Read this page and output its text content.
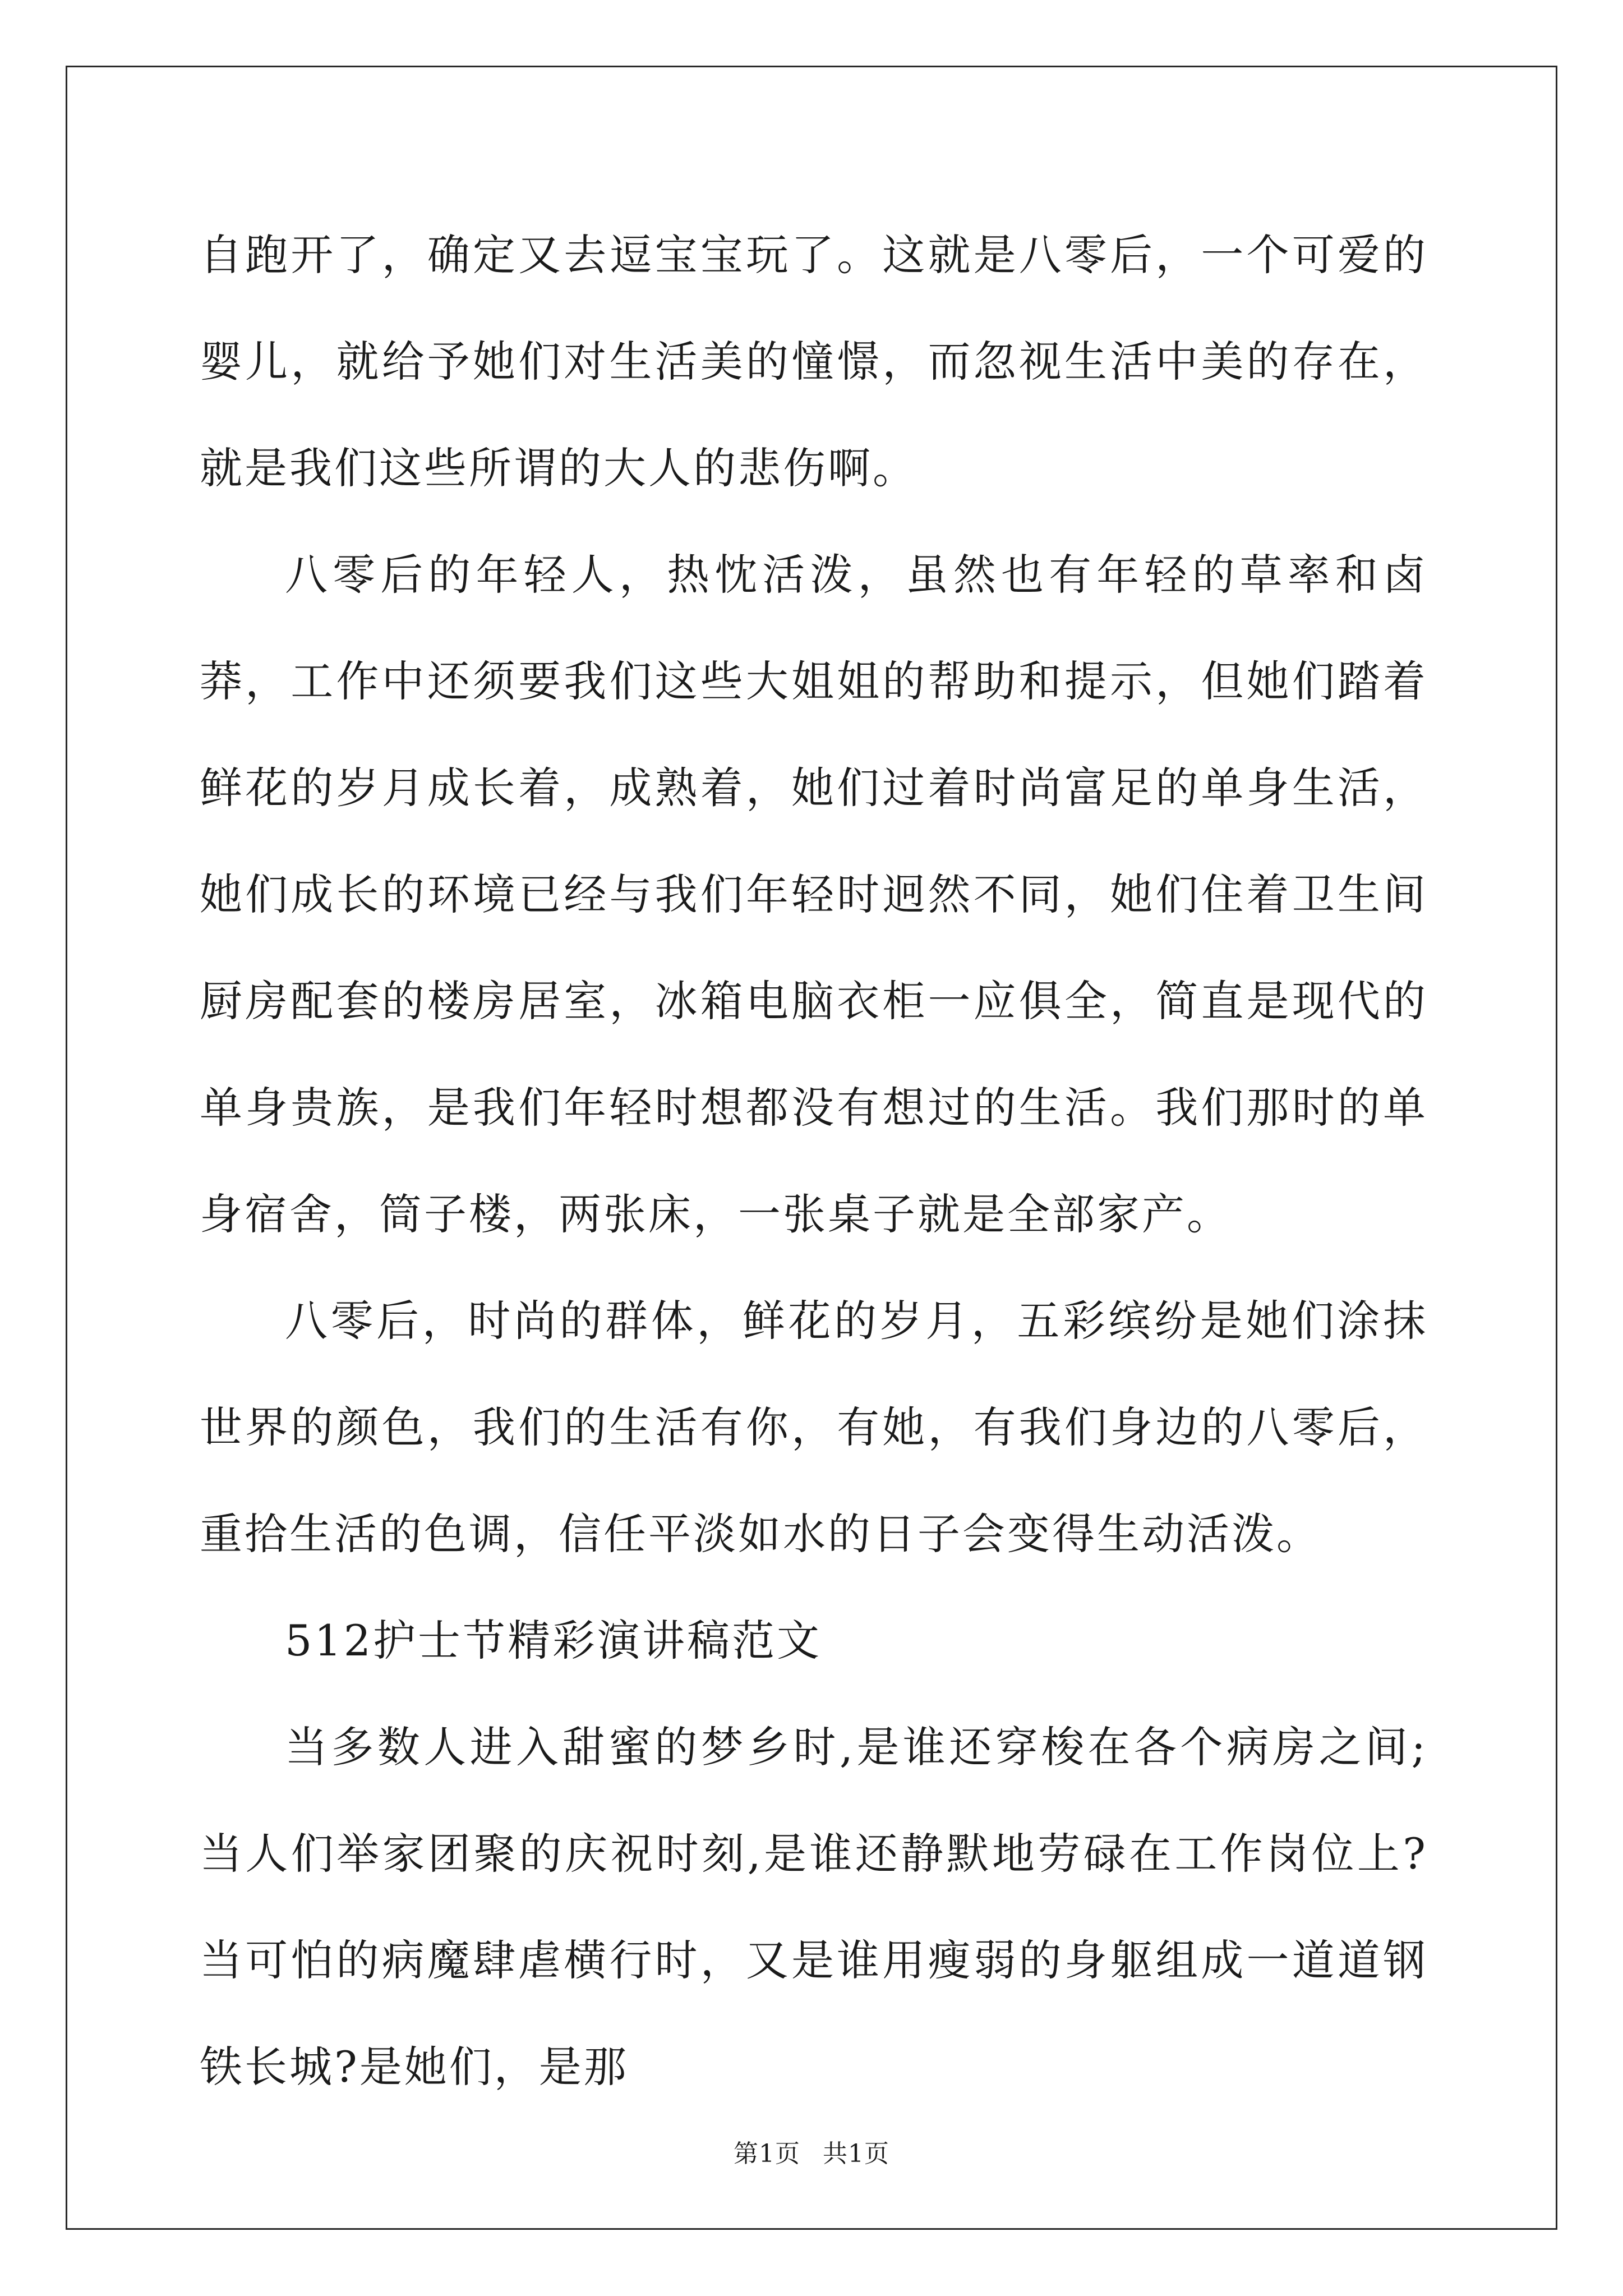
自跑开了，确定又去逗宝宝玩了。这就是八零后，一个可爱的婴儿，就给予她们对生活美的憧憬，而忽视生活中美的存在，就是我们这些所谓的大人的悲伤啊。

八零后的年轻人，热忱活泼，虽然也有年轻的草率和卤莽，工作中还须要我们这些大姐姐的帮助和提示，但她们踏着鲜花的岁月成长着，成熟着，她们过着时尚富足的单身生活，她们成长的环境已经与我们年轻时迥然不同，她们住着卫生间厨房配套的楼房居室，冰箱电脑衣柜一应俱全，简直是现代的单身贵族，是我们年轻时想都没有想过的生活。我们那时的单身宿舍，筒子楼，两张床，一张桌子就是全部家产。

八零后，时尚的群体，鲜花的岁月，五彩缤纷是她们涂抹世界的颜色，我们的生活有你，有她，有我们身边的八零后，重拾生活的色调，信任平淡如水的日子会变得生动活泼。

512护士节精彩演讲稿范文

当多数人进入甜蜜的梦乡时,是谁还穿梭在各个病房之间;当人们举家团聚的庆祝时刻,是谁还静默地劳碌在工作岗位上?当可怕的病魔肆虐横行时，又是谁用瘦弱的身躯组成一道道钢铁长城?是她们，是那

第1页 共1页
